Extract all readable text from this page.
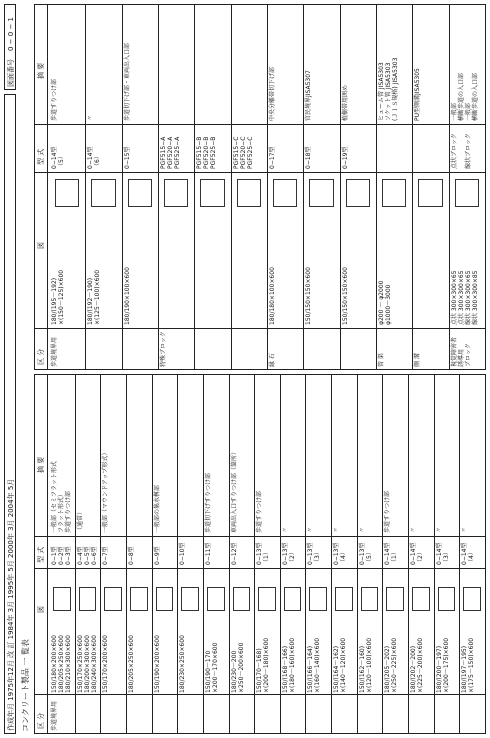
作成年月 1975年12月 改 訂 1984年 3月 1995年 5月 2000年 3月 2004年 5月
図面番号
0 − 0 − 1
コンクリート製品 一 覧表 区 分
図
型 式
摘 要
歩道境界用
150/180×200×600
180/205×250×600
180/210×300×600
0−1型
0−2型
0−3型
一般部（セミフラット形式
フラット形式）
歩道すりつけ部
150/170×250×600
180/200×300×600
180/240×300×600
0−4型
0−5型
0−6型
（通常）
150/170×200×600
0−7型
一般部（マウンドアップ形式）
180/205×250×600
0−8型
150/190×200×600
0−9型
一般部の集水桝部
180/230×250×600
0−10型
150/190〜170
×200〜170×600
0−11型
歩道切下げすりつけ部
180/230〜200
×250〜200×600
0−12型
車両出入口すりつけ部（箇所）
150/170〜168)
×(200〜180)×600
0−13型
（1）
歩道すりつけ部
150/(168〜166)
×(180〜160)×600
0−13型
（2）
〃
150/(166〜164)
×(160〜140)×600
0−13型
（3）
〃
150/(164〜162)
×(140〜120)×600
0−13型
（4）
〃
150/(162〜160)
×(120〜100)×600
0−13型
（5）
〃
180/(205〜202)
×(250〜225)×600
0−14型
（1）
歩道すりつけ部
180/(202〜200)
×(225〜200)×600
0−14型
（2）
〃
180/(200〜197)
×(200〜175)×600
0−14型
（3）
〃
180/(197〜195)
×(175〜150)×600
0−14型
（4）
〃
区 分
図
型 式
摘 要
歩道境界用
180/(195〜192)
×(150〜125)×600
0−14型
（5）
歩道すりつけ部
180/(192〜190)
×(125〜100)×600
0−14型
（6）
〃
180/190×100×600
0−15型
歩道切下げ部・車両出入口部
特殊ブロック
PGF515−A
PGF520−A
PGF525−A	PGF515−B
PGF520−B
PGF525−B	PGF515−C
PGF520−C
PGF525−C
縁 石
180/180×100×600
0−17型
中央分離帯切下げ部
150/150×150×600
0−18型
官民境界JISA5307
150/150×150×600
0−19型
植樹帯用囲め
管 渠
φ200 〜 φ2000
φ1000〜3000
ヒューム管 JISA5303
ソケット管 JISA5303
(ＪＩＳ規格) JISA5303
側 溝
PU型側溝JISA5305
視覚障害者
誘導用
ブロック
点状 300×300×65
点状 300×300×65
線状 300×300×65
線状 300×300×85
点状ブロック

線状ブロック
一般部
横断歩道の入口部
一般部
横断歩道の入口部
